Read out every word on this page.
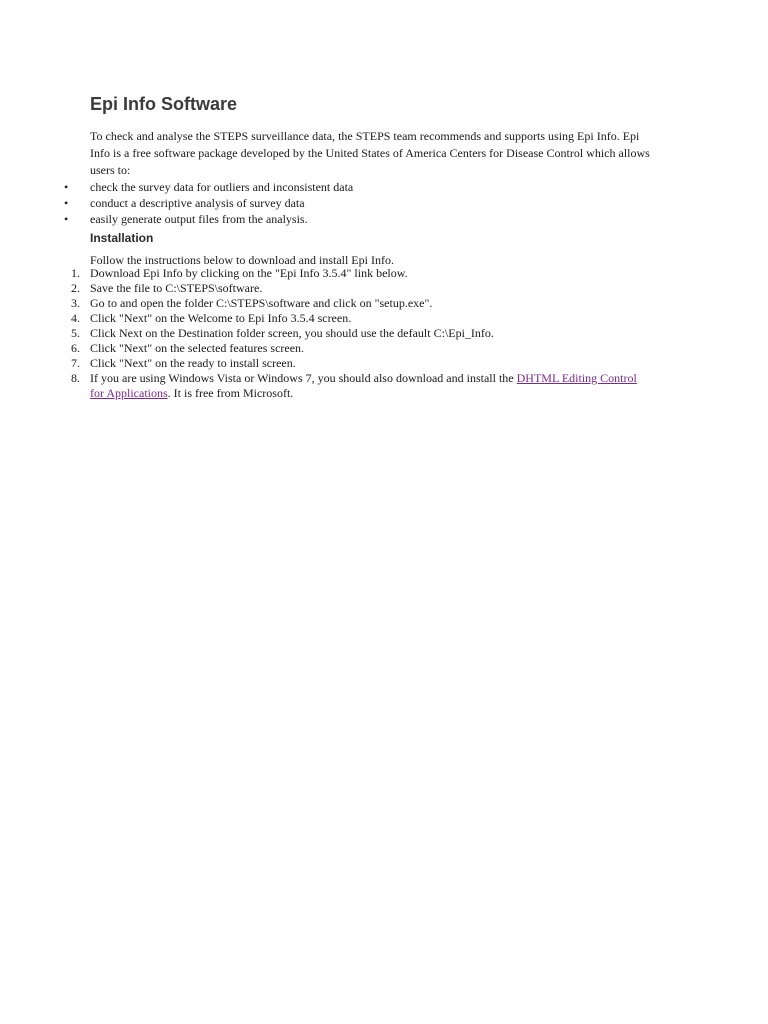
Epi Info Software

To check and analyse the STEPS surveillance data, the STEPS team recommends and supports using Epi Info. Epi Info is a free software package developed by the United States of America Centers for Disease Control which allows users to:

• check the survey data for outliers and inconsistent data
• conduct a descriptive analysis of survey data
• easily generate output files from the analysis.
Installation

Follow the instructions below to download and install Epi Info.

1. Download Epi Info by clicking on the "Epi Info 3.5.4" link below.
2. Save the file to C:\STEPS\software.
3. Go to and open the folder C:\STEPS\software and click on "setup.exe".
4. Click "Next" on the Welcome to Epi Info 3.5.4 screen.
5. Click Next on the Destination folder screen, you should use the default C:\Epi_Info.
6. Click "Next" on the selected features screen.
7. Click "Next" on the ready to install screen.
8. If you are using Windows Vista or Windows 7, you should also download and install the DHTML Editing Control for Applications. It is free from Microsoft.
